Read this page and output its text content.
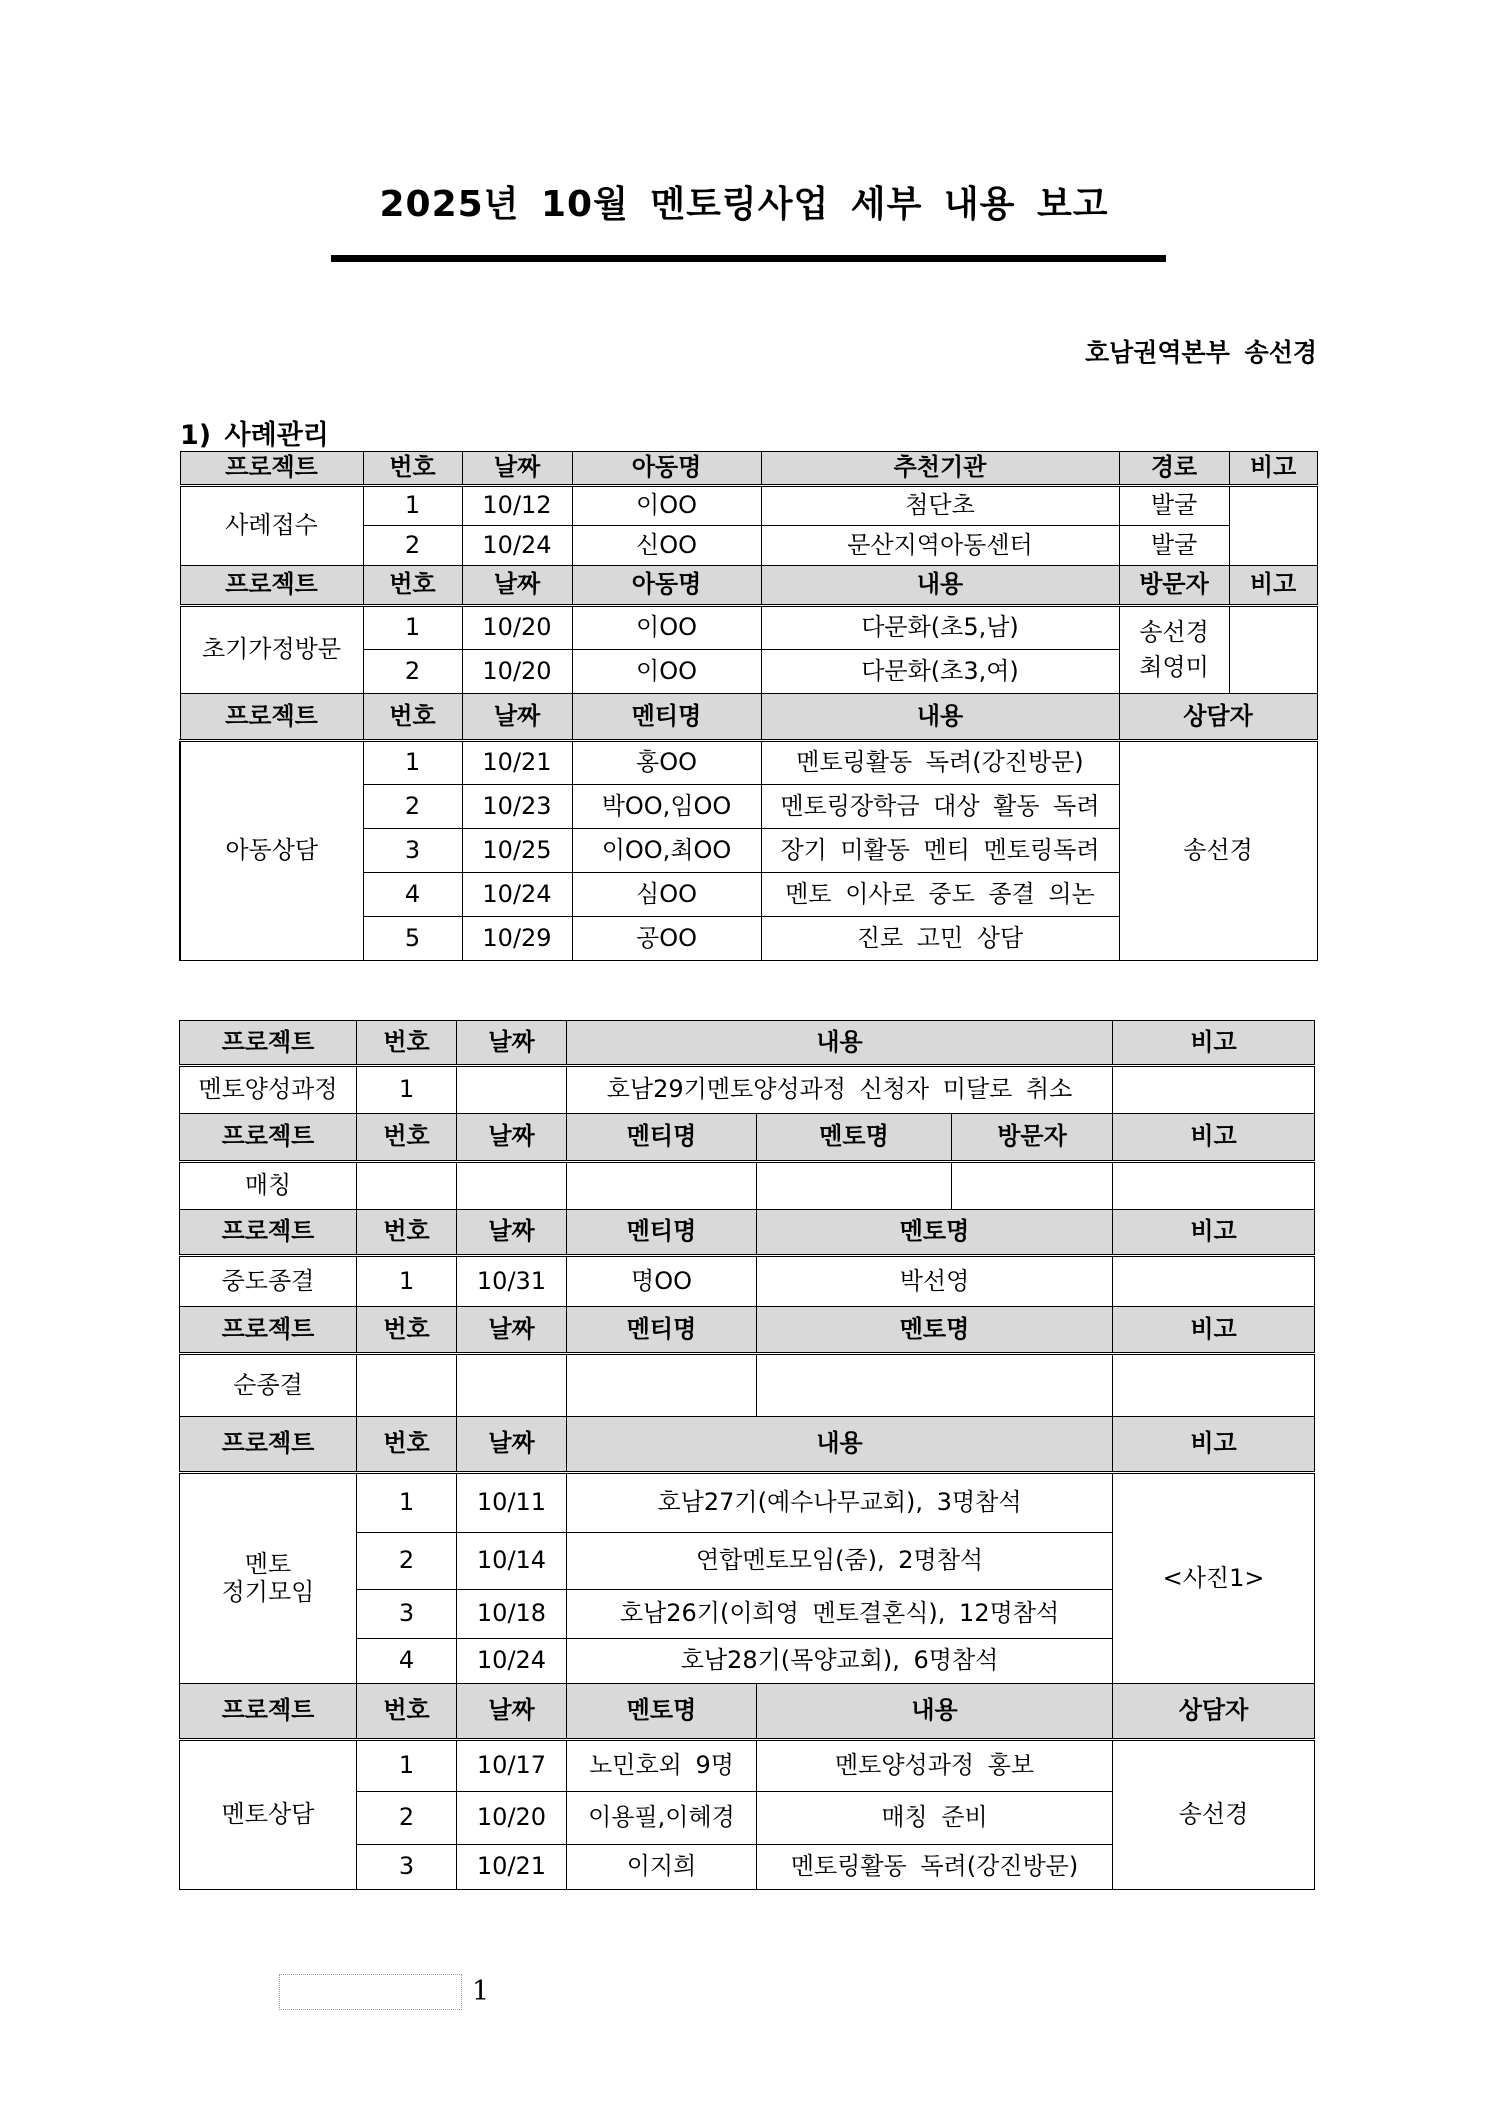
2025년 10월 멘토링사업 세부 내용 보고
호남권역본부 송선경
1) 사례관리
프로젝트	번호	날짜	아동명	추천기관	경로	비고
사례접수	1	10/12	이OO	첨단초	발굴	
	2	10/24	신OO	문산지역아동센터	발굴	
프로젝트	번호	날짜	아동명	내용	방문자	비고
초기가정방문	1	10/20	이OO	다문화(초5,남)	송선경
최영미	

	2	10/20	이OO	다문화(초3,여)		
프로젝트	번호	날짜	멘티명	내용	상담자	
아동상담	1	10/21	홍OO	멘토링활동 독려(강진방문)	송선경	
	2	10/23	박OO,임OO	멘토링장학금 대상 활동 독려		
	3	10/25	이OO,최OO	장기 미활동 멘티 멘토링독려		
	4	10/24	심OO	멘토 이사로 중도 종결 의논		
	5	10/29	공OO	진로 고민 상담		
프로젝트	번호	날짜	내용			비고
멘토양성과정	1		호남29기멘토양성과정 신청자 미달로 취소			
프로젝트	번호	날짜	멘티명	멘토명	방문자	비고
매칭						
프로젝트	번호	날짜	멘티명	멘토명		비고
중도종결	1	10/31	명OO	박선영		
프로젝트	번호	날짜	멘티명	멘토명		비고
순종결						
프로젝트	번호	날짜	내용			비고

멘토
정기모임	1	10/11	호남27기(예수나무교회), 3명참석			<사진1>
	2	10/14	연합멘토모임(줌), 2명참석			
	3	10/18	호남26기(이희영 멘토결혼식), 12명참석			
	4	10/24	호남28기(목양교회), 6명참석			
프로젝트	번호	날짜	멘토명	내용		상담자
멘토상담	1	10/17	노민호외 9명	멘토양성과정 홍보		송선경
	2	10/20	이용필,이혜경	매칭 준비		
	3	10/21	이지희	멘토링활동 독려(강진방문)		
1
